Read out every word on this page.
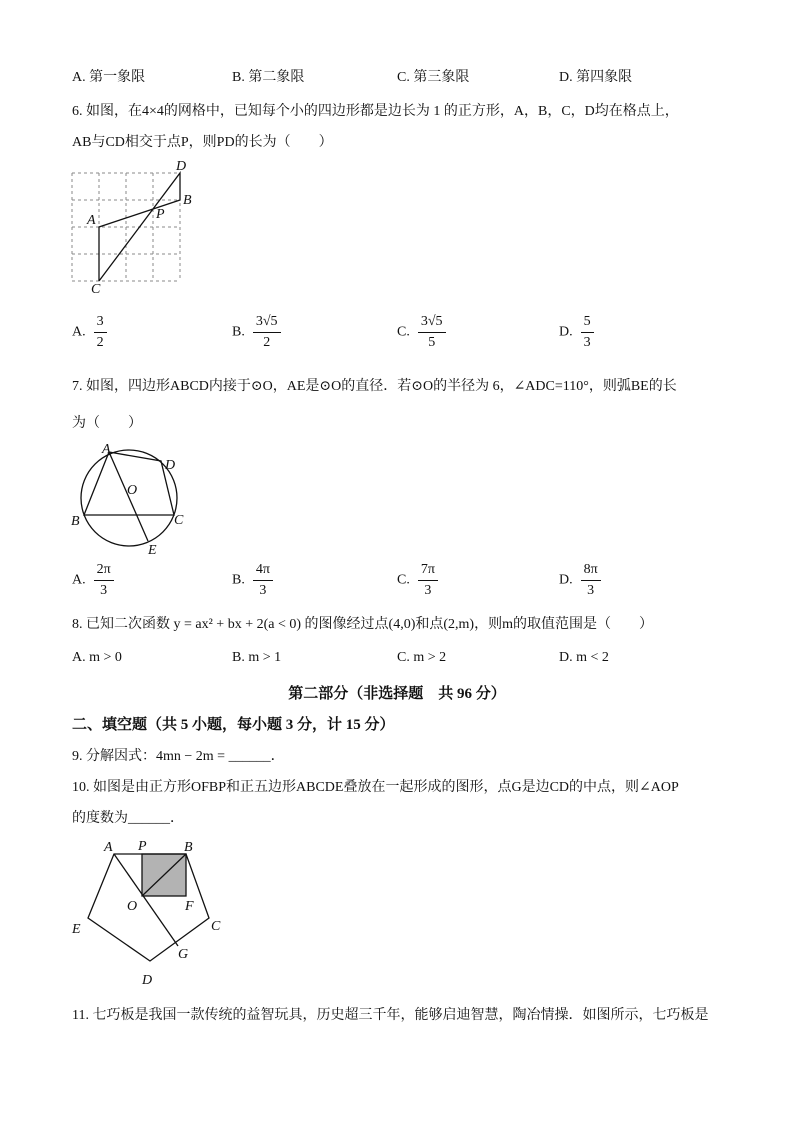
A. 第一象限	B. 第二象限	C. 第三象限	D. 第四象限
6. 如图，在4×4的网格中，已知每个小的四边形都是边长为 1 的正方形，A，B，C，D均在格点上，
AB与CD相交于点P，则PD的长为（　　）
D
B
A	P
C
A. $\frac{3}{2}$	B. $\frac{3√5}{2}$	C. $\frac{3√5}{5}$	D. $\frac{5}{3}$
7. 如图，四边形ABCD内接于⊙O，AE是⊙O的直径．若⊙O的半径为 6，∠ADC=110°，则弧BE的长
为（　　）
A
D
O
B	C
E
A. $\frac{2\pi}{3}$	B. $\frac{4\pi}{3}$	C. $\frac{7\pi}{3}$	D. $\frac{8\pi}{3}$
8. 已知二次函数 y = ax² + bx + 2(a < 0) 的图像经过点(4,0)和点(2,m)，则m的取值范围是（　　）
A. m > 0	B. m > 1	C. m > 2	D. m < 2
第二部分（非选择题　共 96 分）
二、填空题（共 5 小题，每小题 3 分，计 15 分）
9. 分解因式：4mn − 2m = ______．
10. 如图是由正方形OFBP和正五边形ABCDE叠放在一起形成的图形，点G是边CD的中点，则∠AOP
的度数为______．
A P	B
O	F
E	C
G
D
11. 七巧板是我国一款传统的益智玩具，历史超三千年，能够启迪智慧，陶冶情操．如图所示，七巧板是
